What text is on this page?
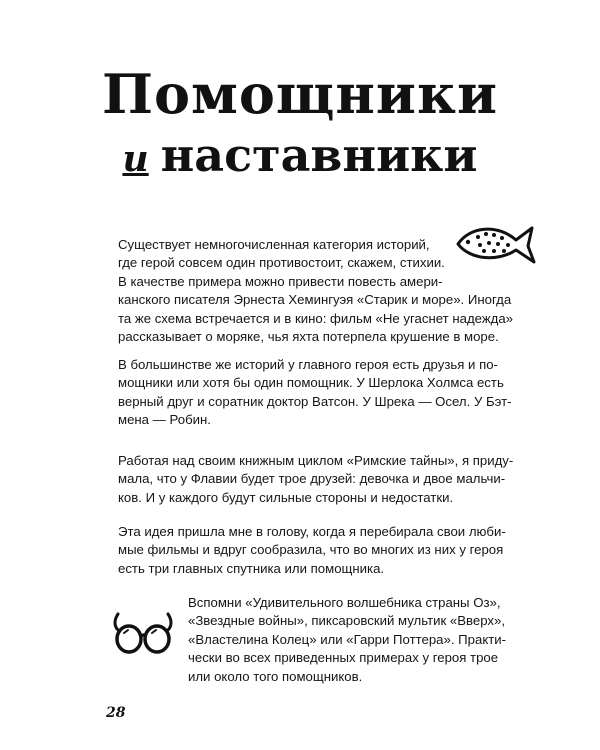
Помощники
и наставники

Существует немногочисленная категория историй,
где герой совсем один противостоит, скажем, стихии.
В качестве примера можно привести повесть амери-
канского писателя Эрнеста Хемингуэя «Старик и море». Иногда
та же схема встречается и в кино: фильм «Не угаснет надежда»
рассказывает о моряке, чья яхта потерпела крушение в море.

В большинстве же историй у главного героя есть друзья и по-
мощники или хотя бы один помощник. У Шерлока Холмса есть
верный друг и соратник доктор Ватсон. У Шрека — Осел. У Бэт-
мена — Робин.

Работая над своим книжным циклом «Римские тайны», я приду-
мала, что у Флавии будет трое друзей: девочка и двое мальчи-
ков. И у каждого будут сильные стороны и недостатки.

Эта идея пришла мне в голову, когда я перебирала свои люби-
мые фильмы и вдруг сообразила, что во многих из них у героя
есть три главных спутника или помощника.

Вспомни «Удивительного волшебника страны Оз»,
«Звездные войны», пиксаровский мультик «Вверх»,
«Властелина Колец» или «Гарри Поттера». Практи-
чески во всех приведенных примерах у героя трое
или около того помощников.

28
